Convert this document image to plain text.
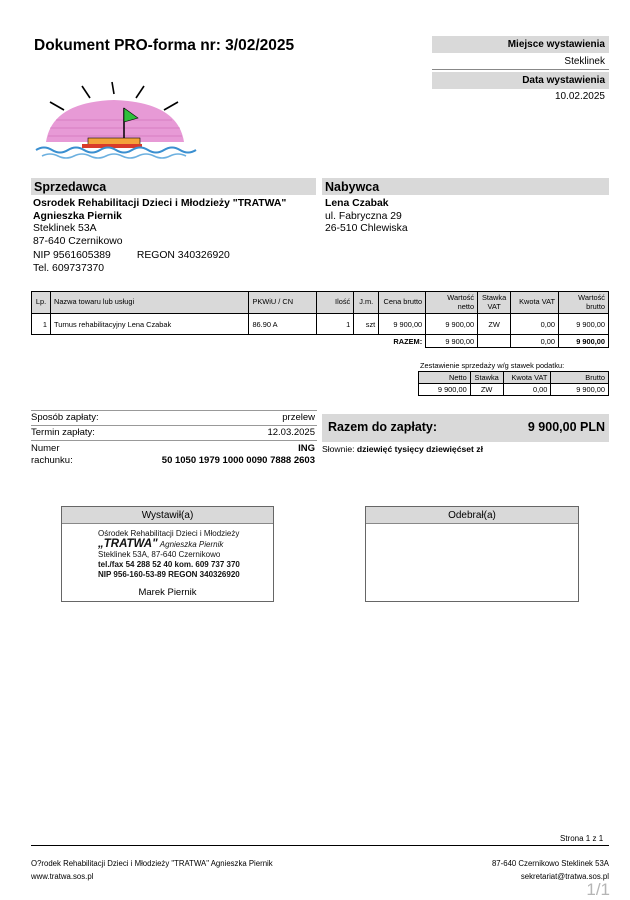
Dokument PRO-forma nr: 3/02/2025	Miejsce wystawienia
Steklinek
Data wystawienia
10.02.2025
Sprzedawca
Osrodek Rehabilitacji Dzieci i Młodzieży "TRATWA"
Agnieszka Piernik
Steklinek 53A
87-640 Czernikowo
NIP 9561605389	REGON 340326920
Tel. 609737370
Nabywca
Lena Czabak
ul. Fabryczna 29
26-510 Chlewiska
Lp.	Nazwa towaru lub usługi	PKWiU / CN	Ilość	J.m.	Cena brutto	Wartość netto	Stawka VAT	Kwota VAT	Wartość brutto
1	Turnus rehabilitacyjny Lena Czabak	86.90 A	1	szt	9 900,00	9 900,00	ZW	0,00	9 900,00
					RAZEM:	9 900,00		0,00	9 900,00
Zestawienie sprzedaży w/g stawek podatku:
Netto	Stawka	Kwota VAT	Brutto
9 900,00	ZW	0,00	9 900,00
Sposób zapłaty:	przelew
Termin zapłaty:	12.03.2025
Numer
rachunku:
ING
50 1050 1979 1000 0090 7888 2603
Razem do zapłaty:	9 900,00 PLN
Słownie: dziewięć tysięcy dziewięćset zł
Wystawił(a)
Ośrodek Rehabilitacji Dzieci i Młodzieży
„TRATWA" Agnieszka Piernik
Steklinek 53A, 87-640 Czernikowo
tel./fax 54 288 52 40 kom. 609 737 370
NIP 956-160-53-89 REGON 340326920
Marek Piernik
Odebrał(a)
Strona 1 z 1
O?rodek Rehabilitacji Dzieci i Młodzieży "TRATWA" Agnieszka Piernik
www.tratwa.sos.pl
87-640 Czernikowo Steklinek 53A
sekretariat@tratwa.sos.pl
1/1
